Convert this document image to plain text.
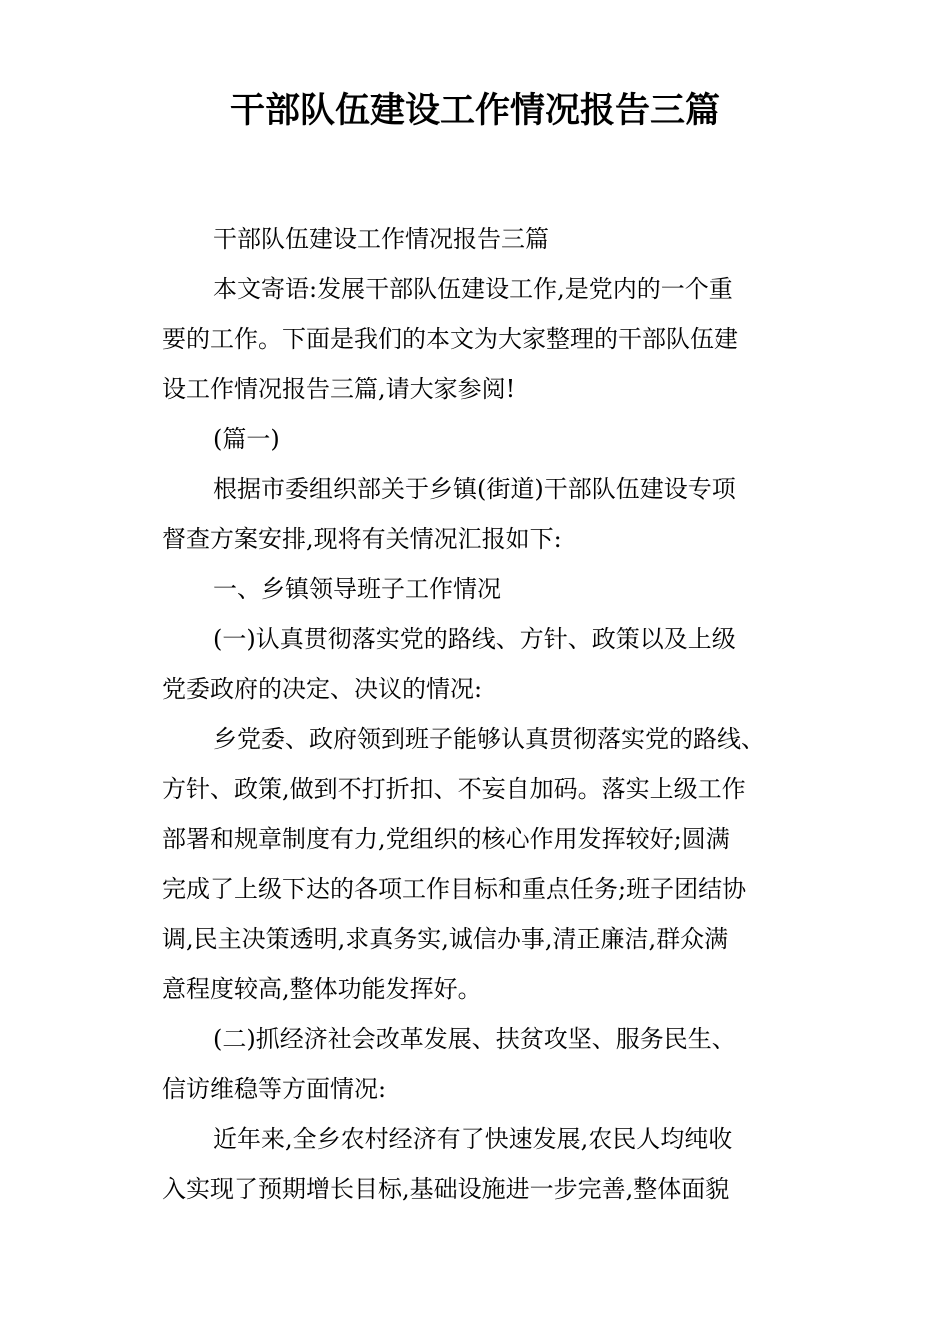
干部队伍建设工作情况报告三篇
干部队伍建设工作情况报告三篇
本文寄语:发展干部队伍建设工作,是党内的一个重
要的工作。下面是我们的本文为大家整理的干部队伍建
设工作情况报告三篇,请大家参阅!
(篇一)
根据市委组织部关于乡镇(街道)干部队伍建设专项
督查方案安排,现将有关情况汇报如下:
一、乡镇领导班子工作情况
(一)认真贯彻落实党的路线、方针、政策以及上级
党委政府的决定、决议的情况:
乡党委、政府领到班子能够认真贯彻落实党的路线、
方针、政策,做到不打折扣、不妄自加码。落实上级工作
部署和规章制度有力,党组织的核心作用发挥较好;圆满
完成了上级下达的各项工作目标和重点任务;班子团结协
调,民主决策透明,求真务实,诚信办事,清正廉洁,群众满
意程度较高,整体功能发挥好。
(二)抓经济社会改革发展、扶贫攻坚、服务民生、
信访维稳等方面情况:
近年来,全乡农村经济有了快速发展,农民人均纯收
入实现了预期增长目标,基础设施进一步完善,整体面貌
